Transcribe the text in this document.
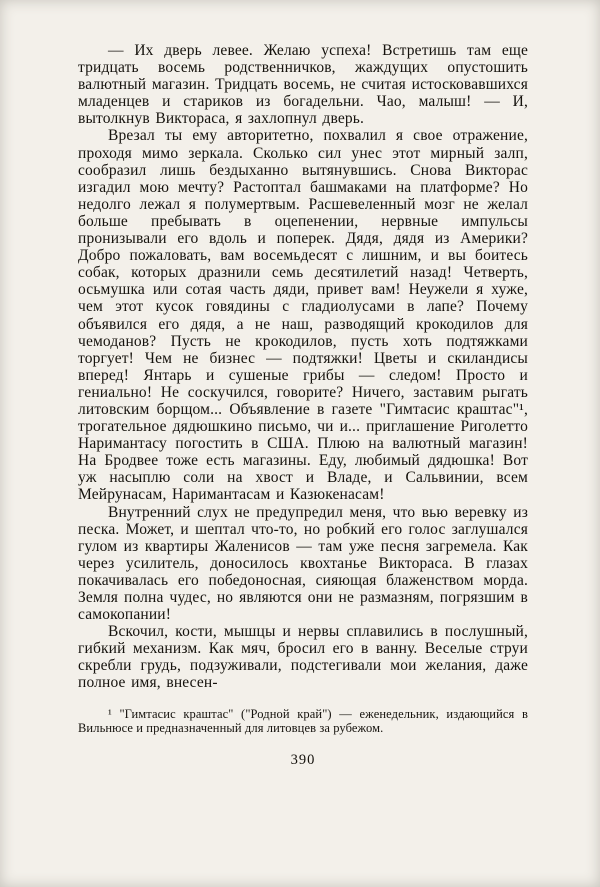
— Их дверь левее. Желаю успеха! Встретишь там еще тридцать восемь родственничков, жаждущих опустошить валютный магазин. Тридцать восемь, не считая истосковавшихся младенцев и стариков из богадельни. Чао, малыш! — И, вытолкнув Виктораса, я захлопнул дверь.

Врезал ты ему авторитетно, похвалил я свое отражение, проходя мимо зеркала. Сколько сил унес этот мирный залп, сообразил лишь бездыханно вытянувшись. Снова Викторас изгадил мою мечту? Растоптал башмаками на платформе? Но недолго лежал я полумертвым. Расшевеленный мозг не желал больше пребывать в оцепенении, нервные импульсы пронизывали его вдоль и поперек. Дядя, дядя из Америки? Добро пожаловать, вам восемьдесят с лишним, и вы боитесь собак, которых дразнили семь десятилетий назад! Четверть, осьмушка или сотая часть дяди, привет вам! Неужели я хуже, чем этот кусок говядины с гладиолусами в лапе? Почему объявился его дядя, а не наш, разводящий крокодилов для чемоданов? Пусть не крокодилов, пусть хоть подтяжками торгует! Чем не бизнес — подтяжки! Цветы и скиландисы вперед! Янтарь и сушеные грибы — следом! Просто и гениально! Не соскучился, говорите? Ничего, заставим рыгать литовским борщом... Объявление в газете "Гимтасис краштас"¹, трогательное дядюшкино письмо, чи и... приглашение Риголетто Наримантасу погостить в США. Плюю на валютный магазин! На Бродвее тоже есть магазины. Еду, любимый дядюшка! Вот уж насыплю соли на хвост и Владе, и Сальвинии, всем Мейрунасам, Наримантасам и Казюкенасам!

Внутренний слух не предупредил меня, что вью веревку из песка. Может, и шептал что-то, но робкий его голос заглушался гулом из квартиры Жаленисов — там уже песня загремела. Как через усилитель, доносилось квохтанье Виктораса. В глазах покачивалась его победоносная, сияющая блаженством морда. Земля полна чудес, но являются они не размазням, погрязшим в самокопании!

Вскочил, кости, мышцы и нервы сплавились в послушный, гибкий механизм. Как мяч, бросил его в ванну. Веселые струи скребли грудь, подзуживали, подстегивали мои желания, даже полное имя, внесен-

¹ "Гимтасис краштас" ("Родной край") — еженедельник, издающийся в Вильнюсе и предназначенный для литовцев за рубежом.

390
